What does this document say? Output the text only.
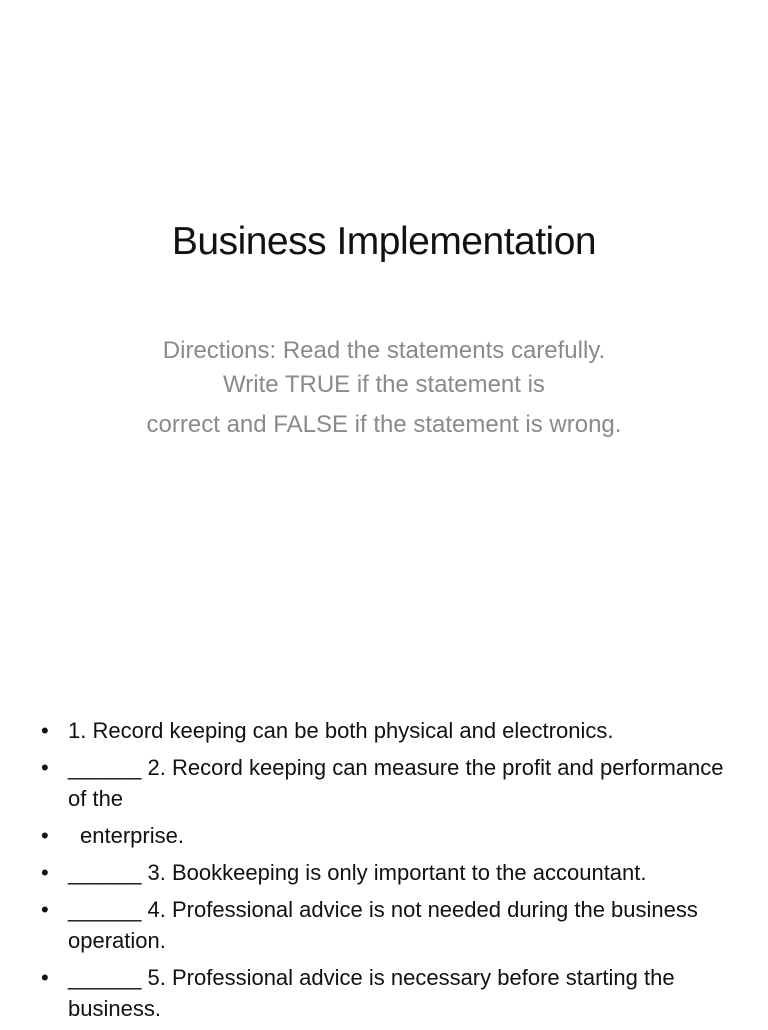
Business Implementation
Directions: Read the statements carefully.
Write TRUE if the statement is
correct and FALSE if the statement is wrong.
• 1. Record keeping can be both physical and electronics.
• ______ 2. Record keeping can measure the profit and performance of the
• enterprise.
• ______ 3. Bookkeeping is only important to the accountant.
• ______ 4. Professional advice is not needed during the business operation.
• ______ 5. Professional advice is necessary before starting the business.
